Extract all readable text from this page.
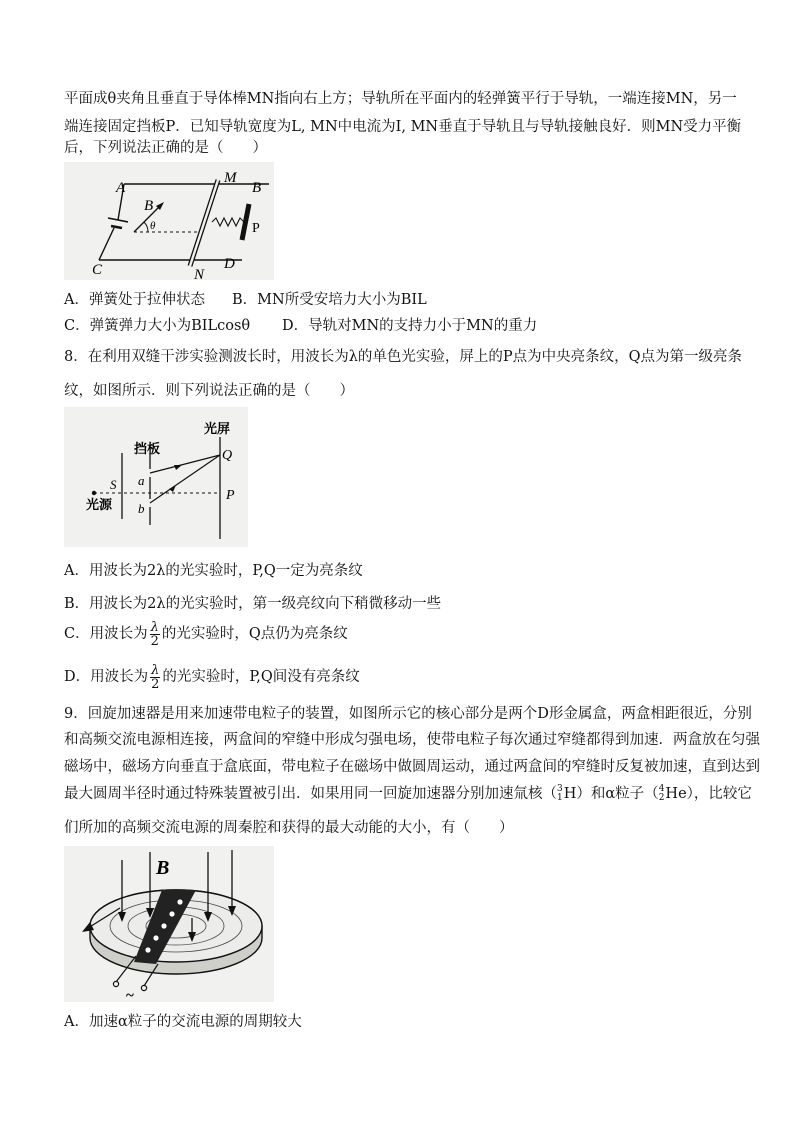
平面成θ夹角且垂直于导体棒MN指向右上方；导轨所在平面内的轻弹簧平行于导轨，一端连接MN，另一
端连接固定挡板P．已知导轨宽度为L, MN中电流为I, MN垂直于导轨且与导轨接触良好．则MN受力平衡
后，下列说法正确的是（　　）
A
B
θ
M
B
P
C	N
D
A．弹簧处于拉伸状态 B．MN所受安培力大小为BIL
C．弹簧弹力大小为BILcosθ D．导轨对MN的支持力小于MN的重力
8．在利用双缝干涉实验测波长时，用波长为λ的单色光实验，屏上的P点为中央亮条纹，Q点为第一级亮条
纹，如图所示．则下列说法正确的是（　　）
挡板
光屏
Q
S a
P
b
光源
A．用波长为2λ的光实验时，P,Q一定为亮条纹
B．用波长为2λ的光实验时，第一级亮纹向下稍微移动一些
C．用波长为 $\frac{\lambda}{2}$ 的光实验时，Q点仍为亮条纹
D．用波长为 $\frac{\lambda}{2}$ 的光实验时，P,Q间没有亮条纹
9．回旋加速器是用来加速带电粒子的装置，如图所示它的核心部分是两个D形金属盒，两盒相距很近，分别
和高频交流电源相连接，两盒间的窄缝中形成匀强电场，使带电粒子每次通过窄缝都得到加速．两盒放在匀强
磁场中，磁场方向垂直于盒底面，带电粒子在磁场中做圆周运动，通过两盒间的窄缝时反复被加速，直到达到
最大圆周半径时通过特殊装置被引出．如果用同一回旋加速器分别加速氚核（ 3
1 H）和α粒子（ 4
2 He），比较它
们所加的高频交流电源的周秦腔和获得的最大动能的大小，有（　　）
~
B
A．加速α粒子的交流电源的周期较大
